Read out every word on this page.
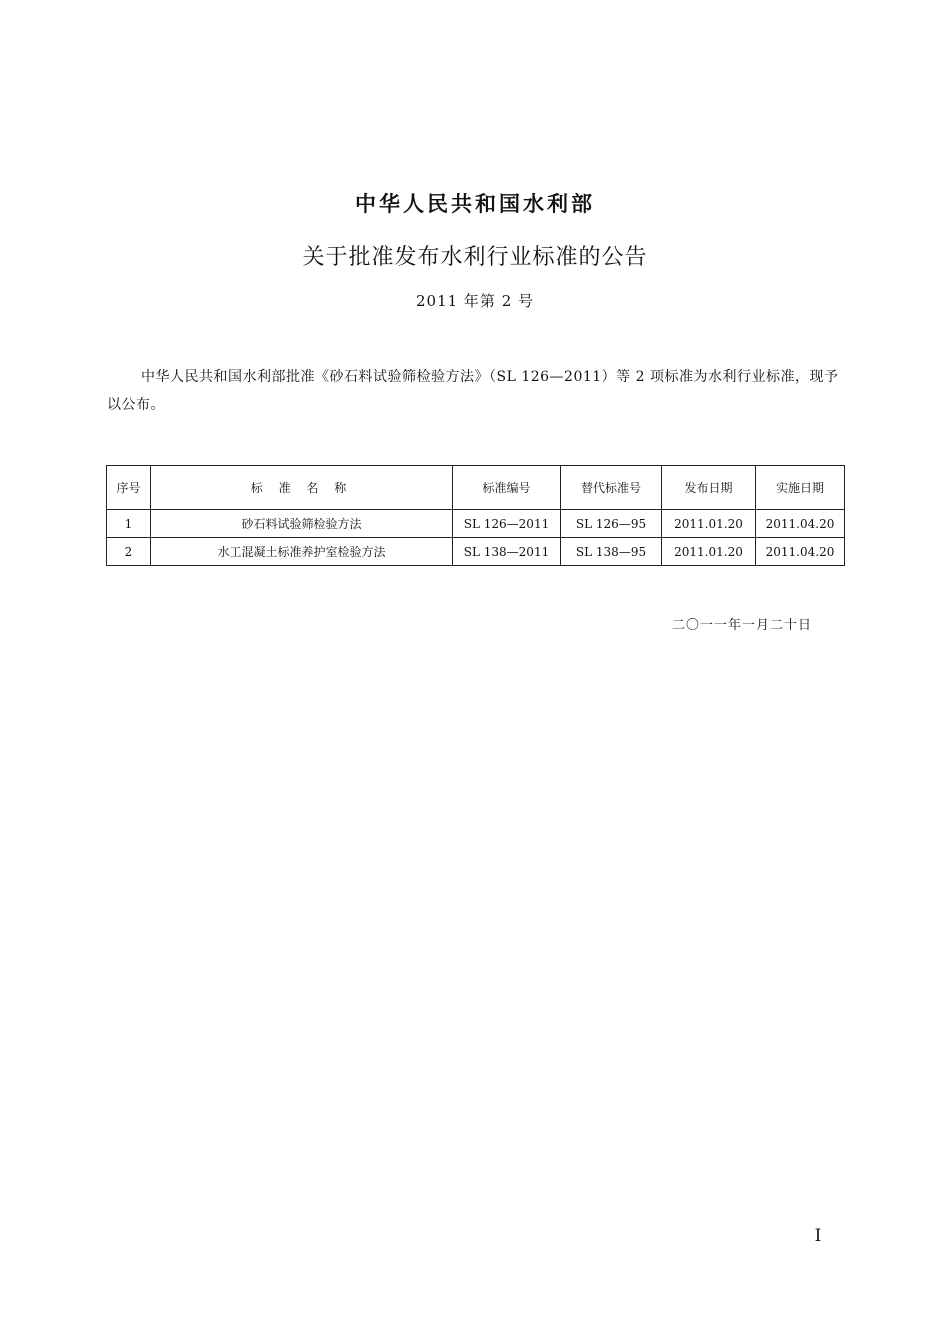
中华人民共和国水利部
关于批准发布水利行业标准的公告
2011 年第 2 号

中华人民共和国水利部批准《砂石料试验筛检验方法》（SL 126—2011）等 2 项标准为水利行业标准，现予以公布。

序号	标 准 名 称	标准编号	替代标准号	发布日期	实施日期
1	砂石料试验筛检验方法	SL 126—2011	SL 126—95	2011.01.20	2011.04.20
2	水工混凝土标准养护室检验方法	SL 138—2011	SL 138—95	2011.01.20	2011.04.20
二〇一一年一月二十日
I
